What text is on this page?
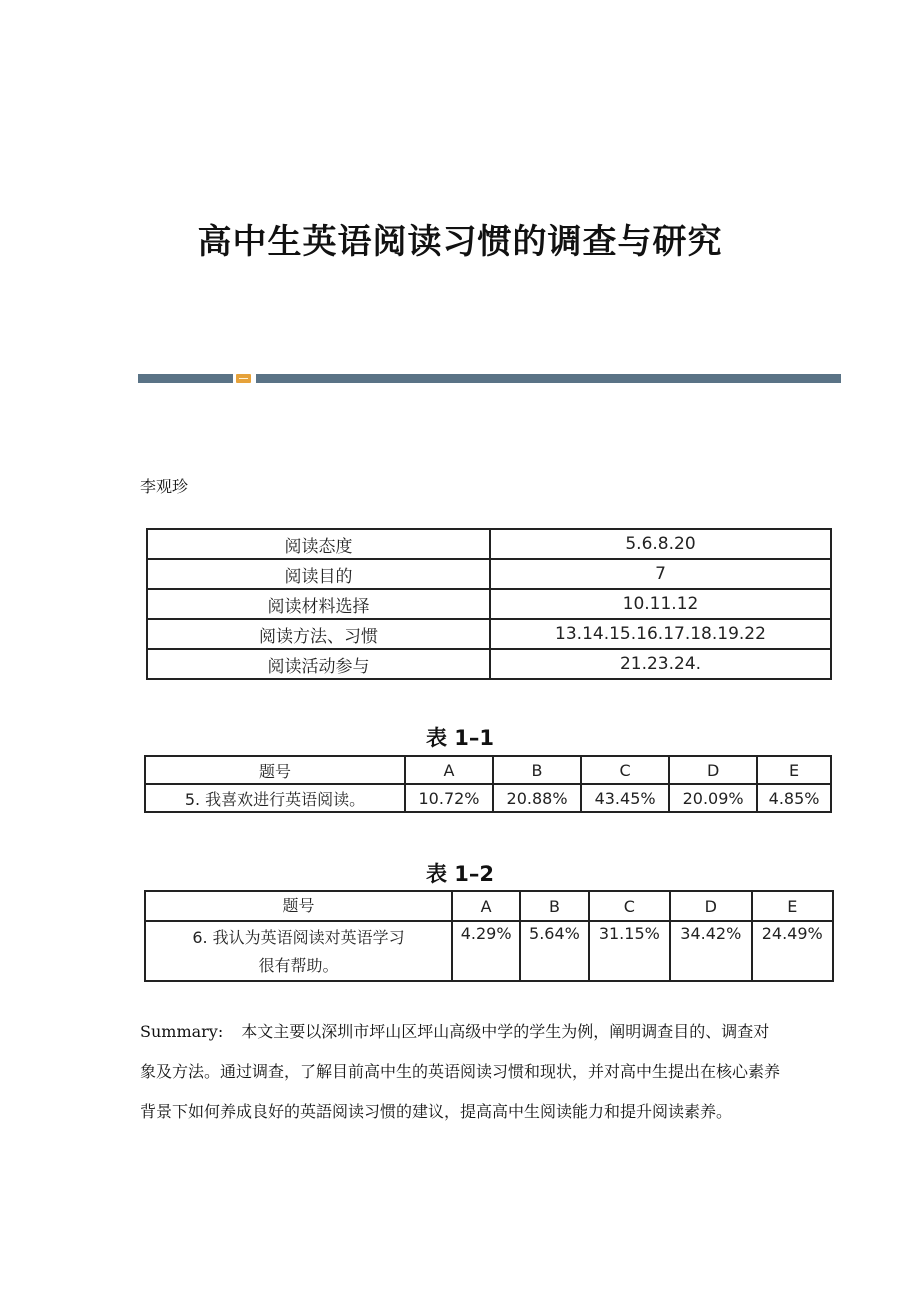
高中生英语阅读习惯的调查与研究
李观珍
阅读态度	5.6.8.20
阅读目的	7
阅读材料选择	10.11.12
阅读方法、习惯	13.14.15.16.17.18.19.22
阅读活动参与	21.23.24.
表 1–1
题号	A	B	C	D	E
5. 我喜欢进行英语阅读。	10.72%	20.88%	43.45%	20.09%	4.85%
表 1–2
题号	A	B	C	D	E

6. 我认为英语阅读对英语学习
很有帮助。	4.29%	5.64%	31.15%	34.42%	24.49%
Summary: 本文主要以深圳市坪山区坪山高级中学的学生为例，阐明调查目的、调查对象及方法。通过调查，了解目前高中生的英语阅读习惯和现状，并对高中生提出在核心素养背景下如何养成良好的英語阅读习惯的建议，提高高中生阅读能力和提升阅读素养。
